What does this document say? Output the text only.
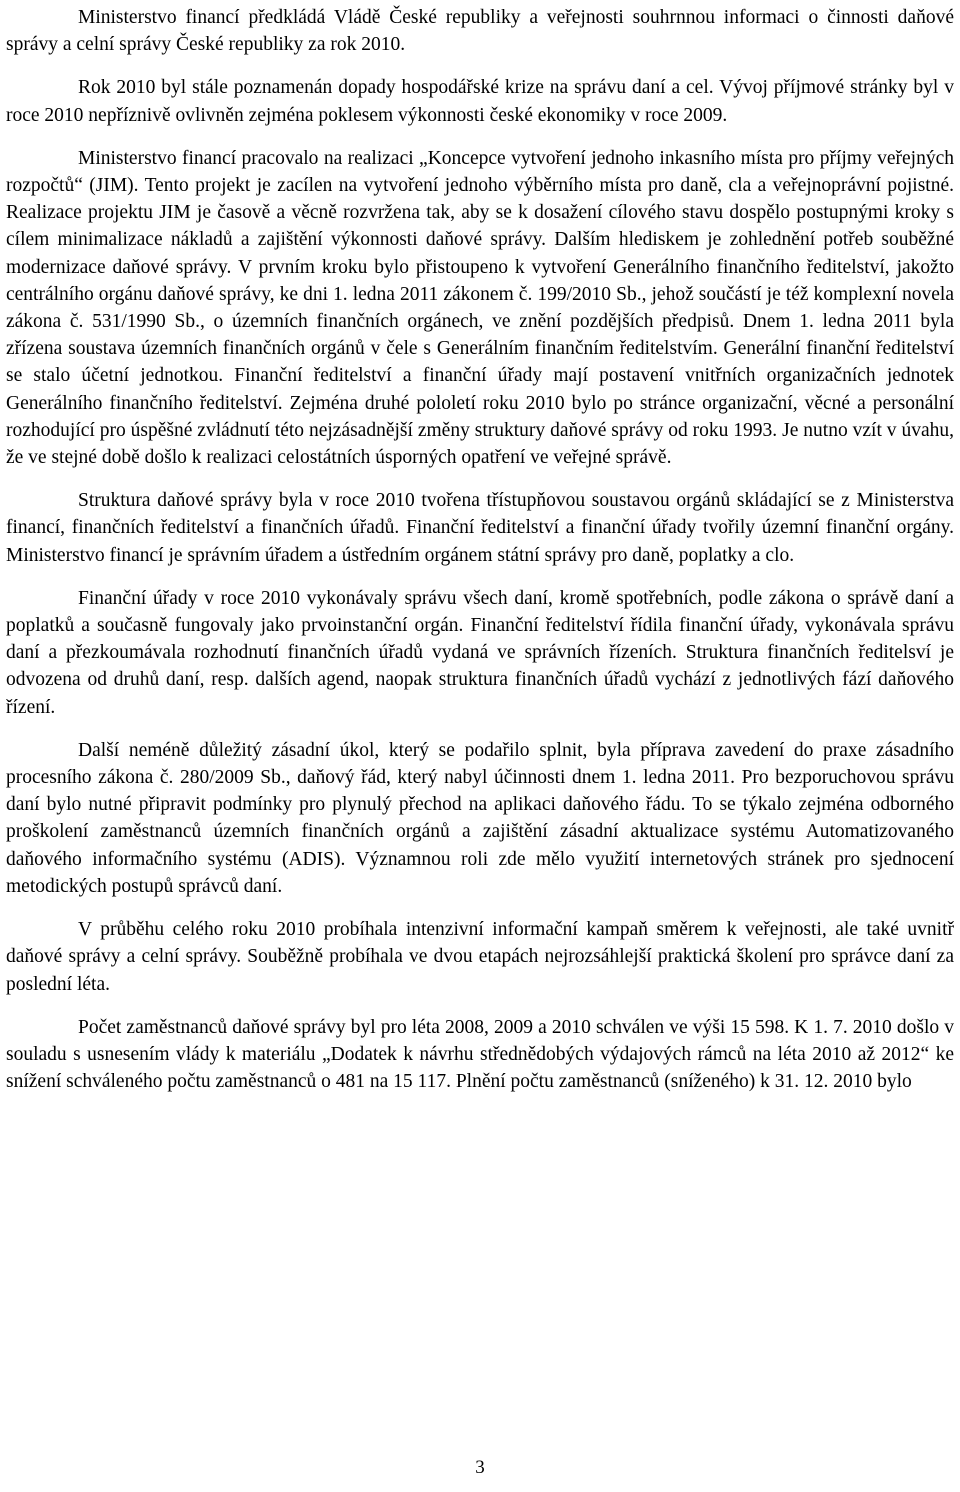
Ministerstvo financí předkládá Vládě České republiky a veřejnosti souhrnnou informaci o činnosti daňové správy a celní správy České republiky za rok 2010.

Rok 2010 byl stále poznamenán dopady hospodářské krize na správu daní a cel. Vývoj příjmové stránky byl v roce 2010 nepříznivě ovlivněn zejména poklesem výkonnosti české ekonomiky v roce 2009.

Ministerstvo financí pracovalo na realizaci „Koncepce vytvoření jednoho inkasního místa pro příjmy veřejných rozpočtů“ (JIM). Tento projekt je zacílen na vytvoření jednoho výběrního místa pro daně, cla a veřejnoprávní pojistné. Realizace projektu JIM je časově a věcně rozvržena tak, aby se k dosažení cílového stavu dospělo postupnými kroky s cílem minimalizace nákladů a zajištění výkonnosti daňové správy. Dalším hlediskem je zohlednění potřeb souběžné modernizace daňové správy. V prvním kroku bylo přistoupeno k vytvoření Generálního finančního ředitelství, jakožto centrálního orgánu daňové správy, ke dni 1. ledna 2011 zákonem č. 199/2010 Sb., jehož součástí je též komplexní novela zákona č. 531/1990 Sb., o územních finančních orgánech, ve znění pozdějších předpisů. Dnem 1. ledna 2011 byla zřízena soustava územních finančních orgánů v čele s Generálním finančním ředitelstvím. Generální finanční ředitelství se stalo účetní jednotkou. Finanční ředitelství a finanční úřady mají postavení vnitřních organizačních jednotek Generálního finančního ředitelství. Zejména druhé pololetí roku 2010 bylo po stránce organizační, věcné a personální rozhodující pro úspěšné zvládnutí této nejzásadnější změny struktury daňové správy od roku 1993. Je nutno vzít v úvahu, že ve stejné době došlo k realizaci celostátních úsporných opatření ve veřejné správě.

Struktura daňové správy byla v roce 2010 tvořena třístupňovou soustavou orgánů skládající se z Ministerstva financí, finančních ředitelství a finančních úřadů. Finanční ředitelství a finanční úřady tvořily územní finanční orgány. Ministerstvo financí je správním úřadem a ústředním orgánem státní správy pro daně, poplatky a clo.

Finanční úřady v roce 2010 vykonávaly správu všech daní, kromě spotřebních, podle zákona o správě daní a poplatků a současně fungovaly jako prvoinstanční orgán. Finanční ředitelství řídila finanční úřady, vykonávala správu daní a přezkoumávala rozhodnutí finančních úřadů vydaná ve správních řízeních. Struktura finančních ředitelsví je odvozena od druhů daní, resp. dalších agend, naopak struktura finančních úřadů vychází z jednotlivých fází daňového řízení.

Další neméně důležitý zásadní úkol, který se podařilo splnit, byla příprava zavedení do praxe zásadního procesního zákona č. 280/2009 Sb., daňový řád, který nabyl účinnosti dnem 1. ledna 2011. Pro bezporuchovou správu daní bylo nutné připravit podmínky pro plynulý přechod na aplikaci daňového řádu. To se týkalo zejména odborného proškolení zaměstnanců územních finančních orgánů a zajištění zásadní aktualizace systému Automatizovaného daňového informačního systému (ADIS). Významnou roli zde mělo využití internetových stránek pro sjednocení metodických postupů správců daní.

V průběhu celého roku 2010 probíhala intenzivní informační kampaň směrem k veřejnosti, ale také uvnitř daňové správy a celní správy. Souběžně probíhala ve dvou etapách nejrozsáhlejší praktická školení pro správce daní za poslední léta.

Počet zaměstnanců daňové správy byl pro léta 2008, 2009 a 2010 schválen ve výši 15 598. K 1. 7. 2010 došlo v souladu s usnesením vlády k materiálu „Dodatek k návrhu střednědobých výdajových rámců na léta 2010 až 2012“ ke snížení schváleného počtu zaměstnanců o 481 na 15 117. Plnění počtu zaměstnanců (sníženého) k 31. 12. 2010 bylo

3
